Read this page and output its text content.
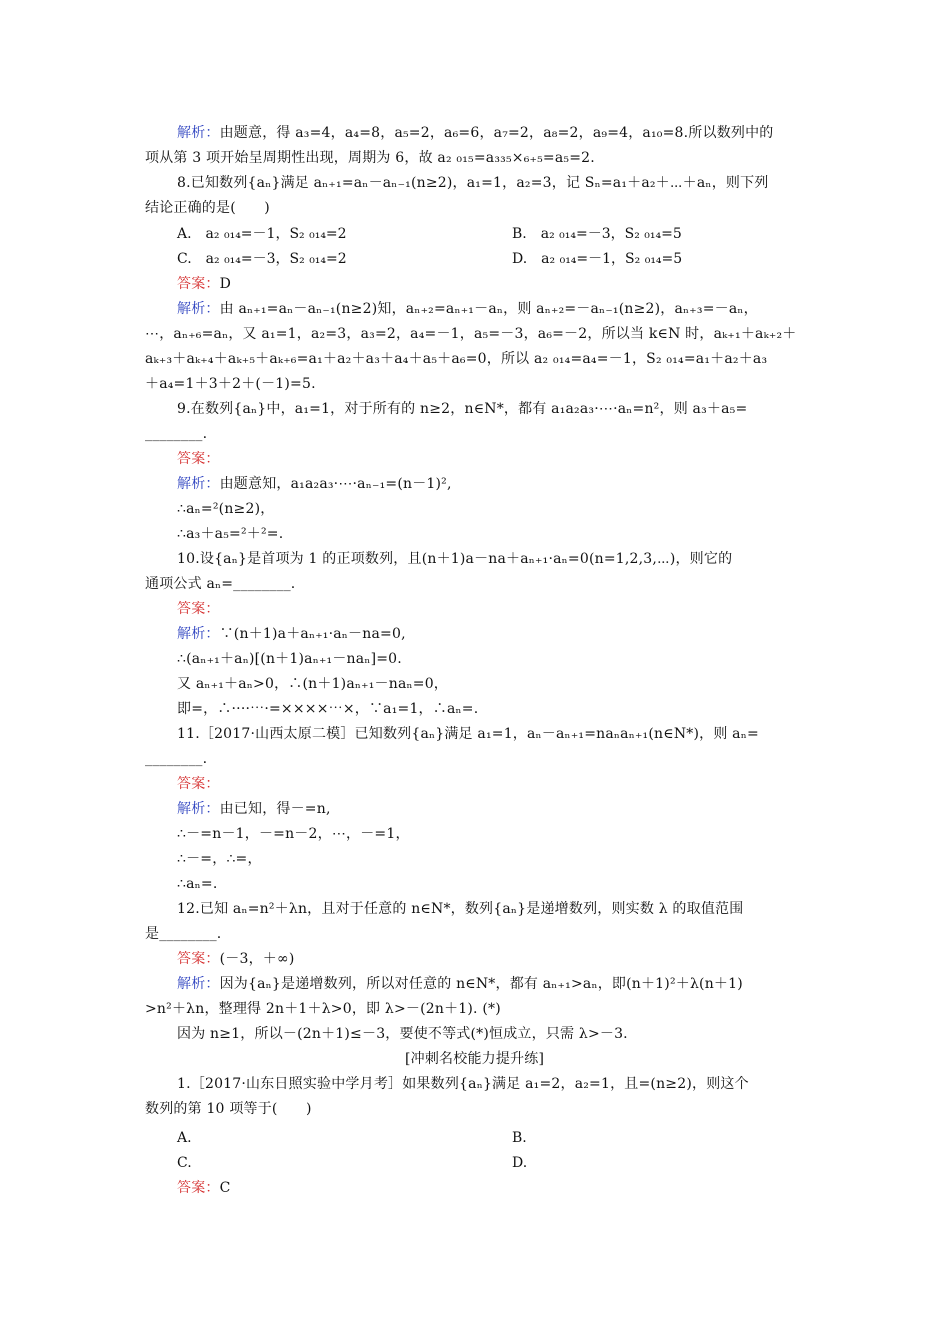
解析：由题意，得 a₃=4，a₄=8，a₅=2，a₆=6，a₇=2，a₈=2，a₉=4，a₁₀=8.所以数列中的
项从第 3 项开始呈周期性出现，周期为 6，故 a₂ ₀₁₅=a₃₃₅×₆₊₅=a₅=2.
8.已知数列{aₙ}满足 aₙ₊₁=aₙ－aₙ₋₁(n≥2)，a₁=1，a₂=3，记 Sₙ=a₁＋a₂＋⋯＋aₙ，则下列
结论正确的是(　　)
A.　a₂ ₀₁₄=－1，S₂ ₀₁₄=2	B.　a₂ ₀₁₄=－3，S₂ ₀₁₄=5
C.　a₂ ₀₁₄=－3，S₂ ₀₁₄=2	D.　a₂ ₀₁₄=－1，S₂ ₀₁₄=5
答案：D
解析：由 aₙ₊₁=aₙ－aₙ₋₁(n≥2)知，aₙ₊₂=aₙ₊₁－aₙ，则 aₙ₊₂=－aₙ₋₁(n≥2)，aₙ₊₃=－aₙ，
⋯，aₙ₊₆=aₙ，又 a₁=1，a₂=3，a₃=2，a₄=－1，a₅=－3，a₆=－2，所以当 k∈N 时，aₖ₊₁＋aₖ₊₂＋
aₖ₊₃＋aₖ₊₄＋aₖ₊₅＋aₖ₊₆=a₁＋a₂＋a₃＋a₄＋a₅＋a₆=0，所以 a₂ ₀₁₄=a₄=－1，S₂ ₀₁₄=a₁＋a₂＋a₃
＋a₄=1＋3＋2＋(－1)=5.
9.在数列{aₙ}中，a₁=1，对于所有的 n≥2，n∈N*，都有 a₁a₂a₃·⋯·aₙ=n²，则 a₃＋a₅=
________.
答案：
解析：由题意知，a₁a₂a₃·⋯·aₙ₋₁=(n－1)²,
∴aₙ=²(n≥2)，
∴a₃＋a₅=²＋²=.
10.设{aₙ}是首项为 1 的正项数列，且(n＋1)a－na＋aₙ₊₁·aₙ=0(n=1,2,3,⋯)，则它的
通项公式 aₙ=________.
答案：
解析：∵(n＋1)a＋aₙ₊₁·aₙ－na=0,
∴(aₙ₊₁＋aₙ)[(n＋1)aₙ₊₁－naₙ]=0.
又 aₙ₊₁＋aₙ>0，∴(n＋1)aₙ₊₁－naₙ=0，
即=，∴····⋯·=××××⋯×，∵a₁=1，∴aₙ=.
11.［2017·山西太原二模］已知数列{aₙ}满足 a₁=1，aₙ－aₙ₊₁=naₙaₙ₊₁(n∈N*)，则 aₙ=
________.
答案：
解析：由已知，得－=n,
∴－=n－1，－=n－2，⋯，－=1，
∴－=，∴=，
∴aₙ=.
12.已知 aₙ=n²＋λn，且对于任意的 n∈N*，数列{aₙ}是递增数列，则实数 λ 的取值范围
是________.
答案：(－3，＋∞)
解析：因为{aₙ}是递增数列，所以对任意的 n∈N*，都有 aₙ₊₁>aₙ，即(n＋1)²＋λ(n＋1)
>n²＋λn，整理得 2n＋1＋λ>0，即 λ>－(2n＋1). (*)
因为 n≥1，所以－(2n＋1)≤－3，要使不等式(*)恒成立，只需 λ>－3.
[冲刺名校能力提升练]
1.［2017·山东日照实验中学月考］如果数列{aₙ}满足 a₁=2，a₂=1，且=(n≥2)，则这个
数列的第 10 项等于(　　)
A.	B.
C.	D.
答案：C
